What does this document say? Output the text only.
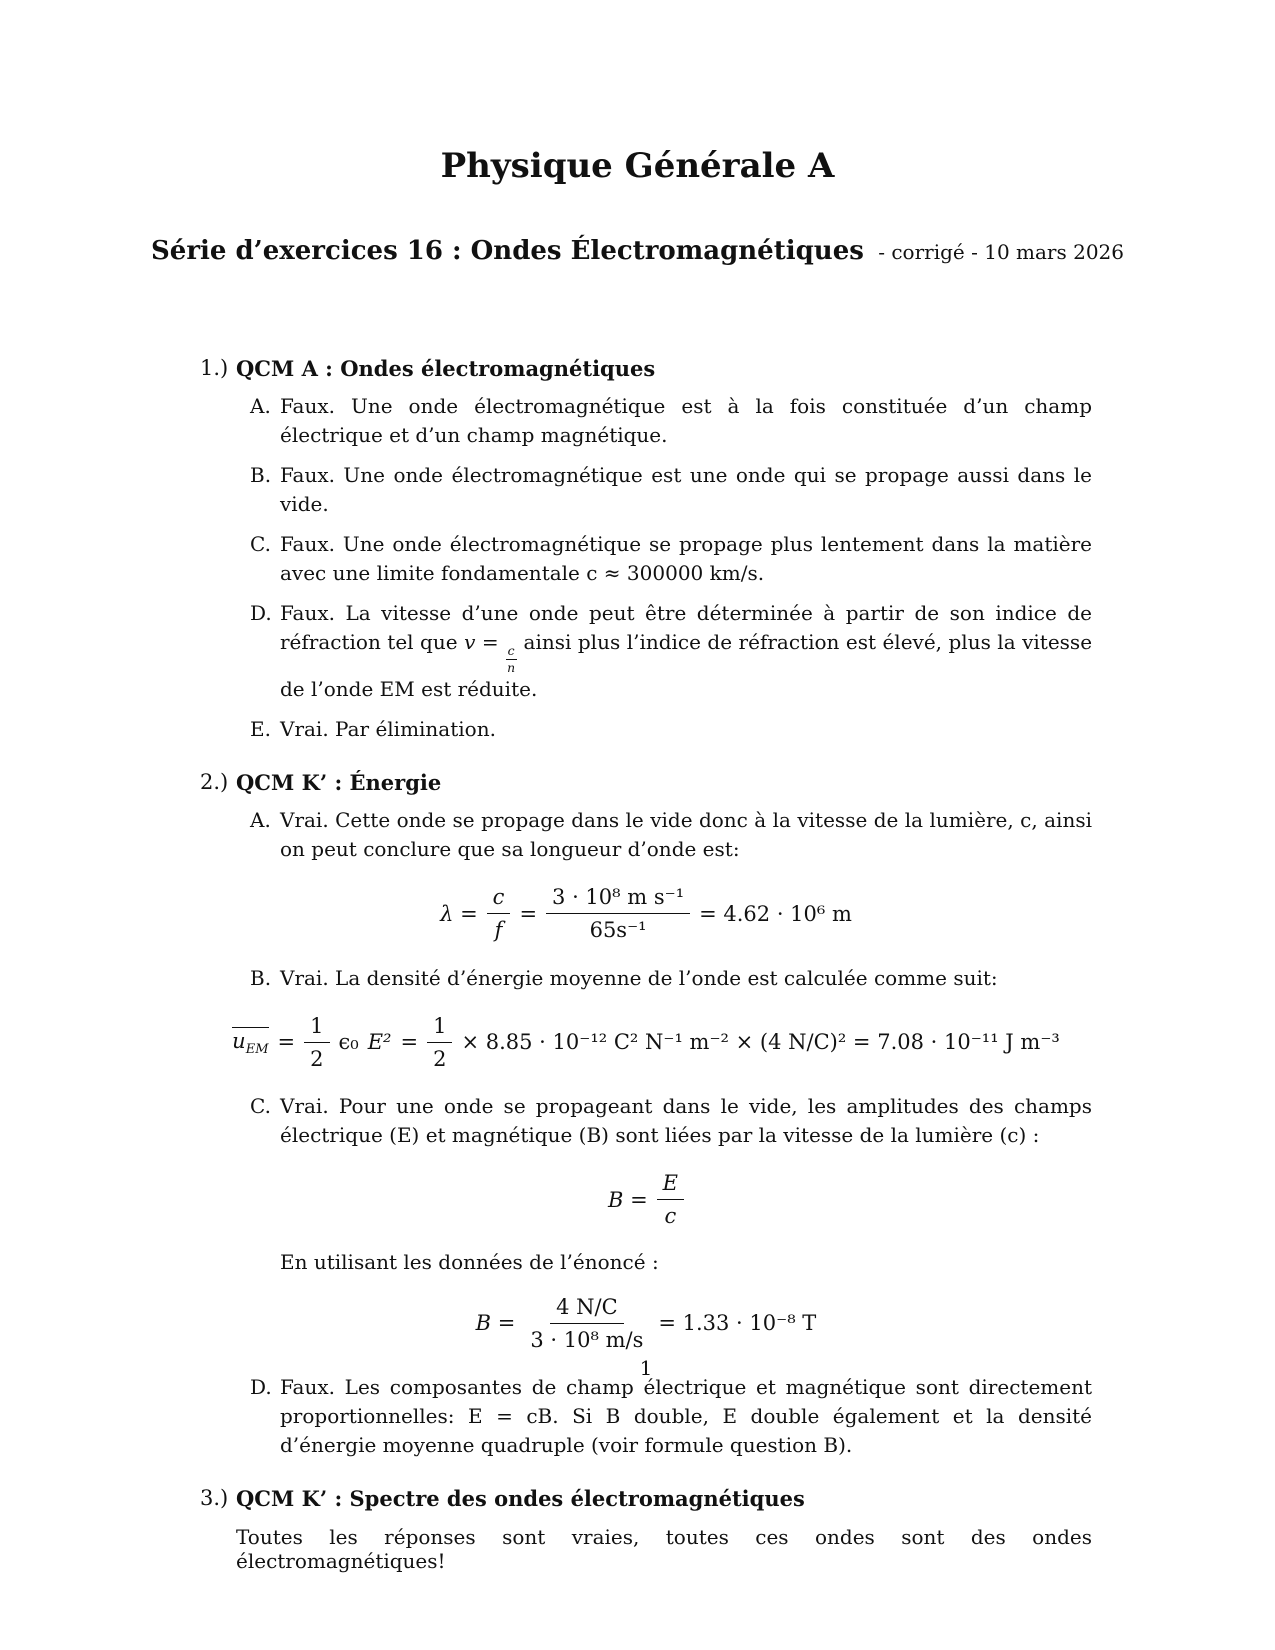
Physique Générale A
Série d’exercices 16 : Ondes Électromagnétiques - corrigé - 10 mars 2026
1.) QCM A : Ondes électromagnétiques
A. Faux. Une onde électromagnétique est à la fois constituée d’un champ électrique et d’un champ magnétique.
B. Faux. Une onde électromagnétique est une onde qui se propage aussi dans le vide.
C. Faux. Une onde électromagnétique se propage plus lentement dans la matière avec une limite fondamentale c ≈ 300000 km/s.
D. Faux. La vitesse d’une onde peut être déterminée à partir de son indice de réfraction tel que v =
$\frac{c}{n}$
ainsi plus l’indice de réfraction est élevé, plus la vitesse de l’onde EM est réduite.
E. Vrai. Par élimination.
2.) QCM K’ : Énergie
A. Vrai. Cette onde se propage dans le vide donc à la vitesse de la lumière, c, ainsi on peut conclure que sa longueur d’onde est:
$\lambda = \frac{c}{f} = \frac{\text{3 · 10⁸ m s⁻¹}}{\text{65s⁻¹}} = 4.62 \cdot 10^6$ m
B. Vrai. La densité d’énergie moyenne de l’onde est calculée comme suit:
$u_{EM} = \frac{1}{2} \epsilon_0$ $E^2 = \frac{1}{2} \times 8.85 \cdot 10^{-12}$ C² N⁻¹ m⁻² × (4 N/C)² = 7.08 · 10⁻¹¹ J m⁻³
C. Vrai. Pour une onde se propageant dans le vide, les amplitudes des champs électrique (E) et magnétique (B) sont liées par la vitesse de la lumière (c) :
$B = \frac{E}{c}$
En utilisant les données de l’énoncé :
$B = \frac{4 N/C}{\text{3 · 10⁸ m/s}} = 1.33 \cdot 10^{-8}$ T
D. Faux. Les composantes de champ électrique et magnétique sont directement proportionnelles: E = cB. Si B double, E double également et la densité d’énergie moyenne quadruple (voir formule question B).
3.) QCM K’ : Spectre des ondes électromagnétiques
Toutes les réponses sont vraies, toutes ces ondes sont des ondes électromagnétiques!
1
